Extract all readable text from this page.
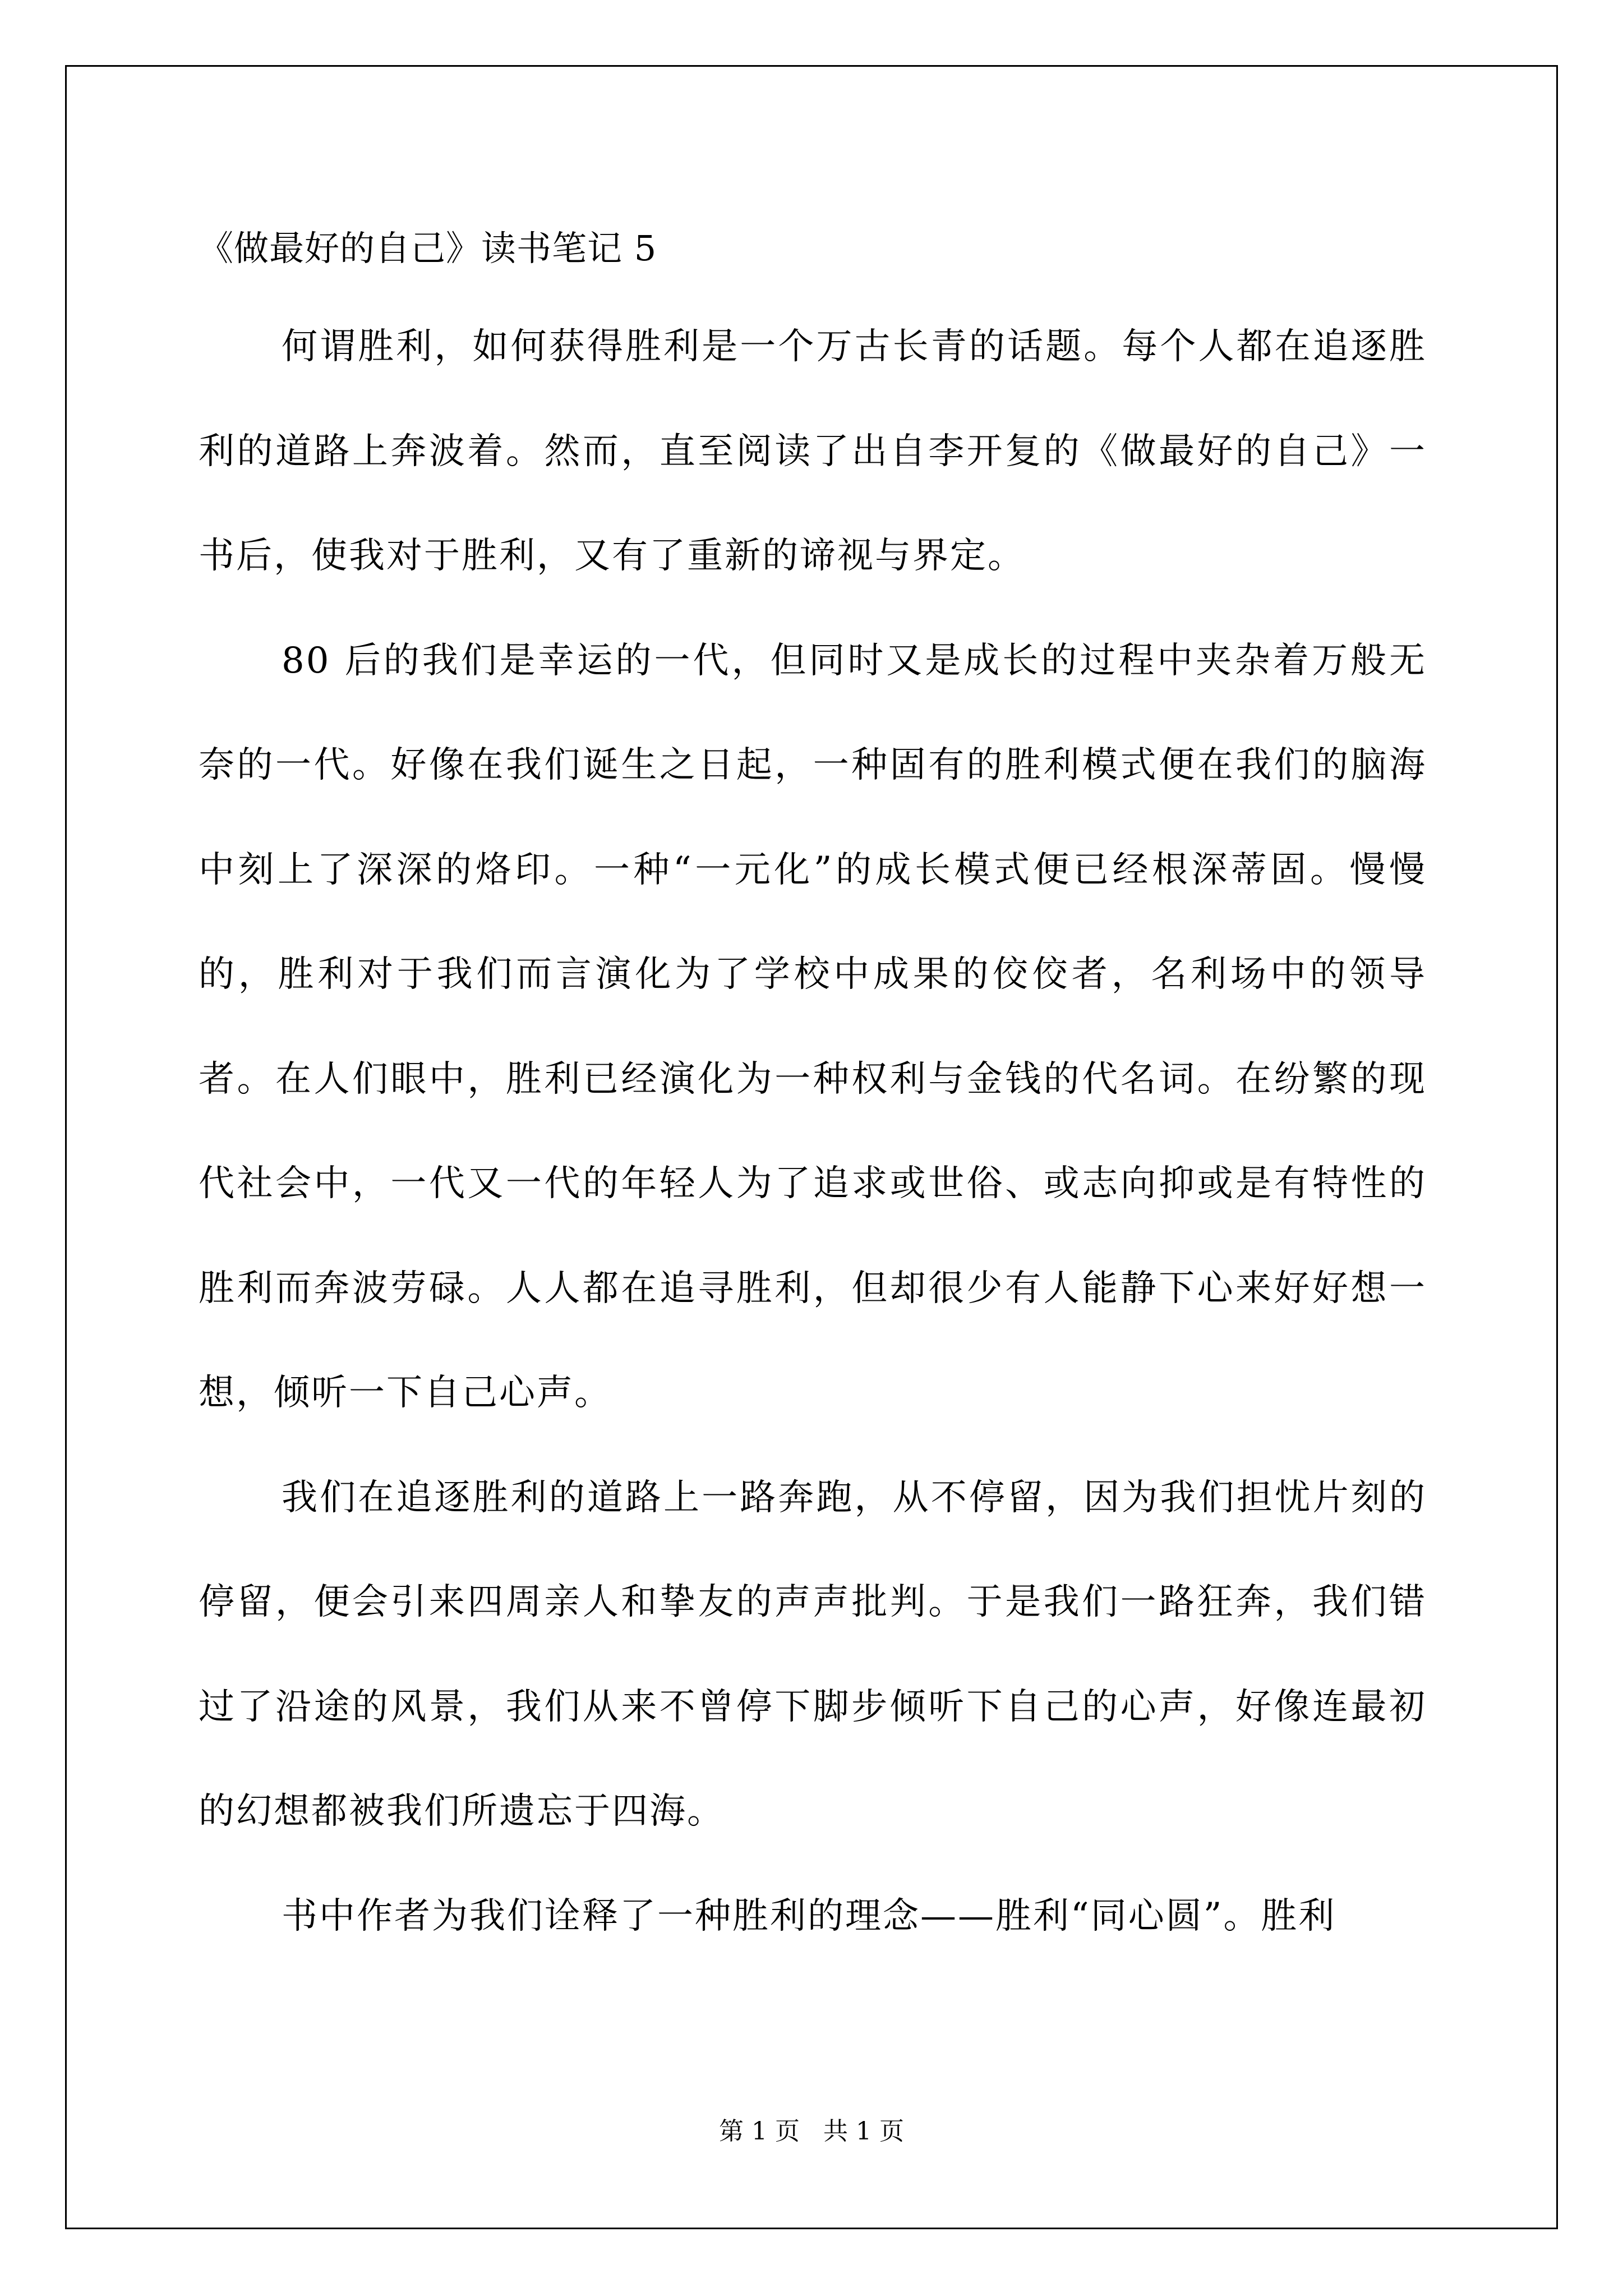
《做最好的自己》读书笔记 5

何谓胜利，如何获得胜利是一个万古长青的话题。每个人都在追逐胜利的道路上奔波着。然而，直至阅读了出自李开复的《做最好的自己》一书后，使我对于胜利，又有了重新的谛视与界定。

80 后的我们是幸运的一代，但同时又是成长的过程中夹杂着万般无奈的一代。好像在我们诞生之日起，一种固有的胜利模式便在我们的脑海中刻上了深深的烙印。一种“一元化”的成长模式便已经根深蒂固。慢慢的，胜利对于我们而言演化为了学校中成果的佼佼者，名利场中的领导者。在人们眼中，胜利已经演化为一种权利与金钱的代名词。在纷繁的现代社会中，一代又一代的年轻人为了追求或世俗、或志向抑或是有特性的胜利而奔波劳碌。人人都在追寻胜利，但却很少有人能静下心来好好想一想，倾听一下自己心声。

我们在追逐胜利的道路上一路奔跑，从不停留，因为我们担忧片刻的停留，便会引来四周亲人和挚友的声声批判。于是我们一路狂奔，我们错过了沿途的风景，我们从来不曾停下脚步倾听下自己的心声，好像连最初的幻想都被我们所遗忘于四海。

书中作者为我们诠释了一种胜利的理念——胜利“同心圆”。胜利

第 1 页   共 1 页
